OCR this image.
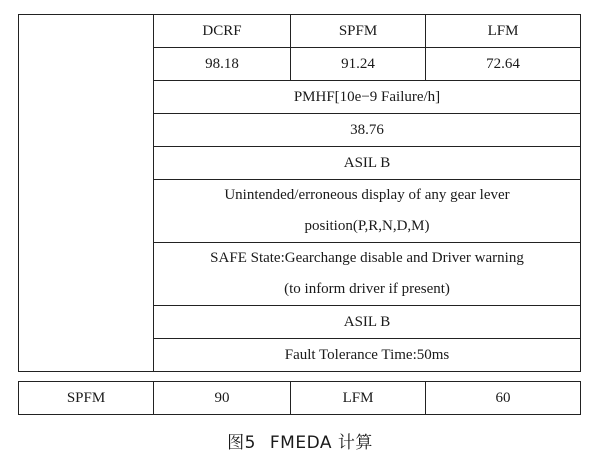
	DCRF	SPFM	LFM
	98.18	91.24	72.64
	PMHF[10e−9 Failure/h]		
	38.76		
	ASIL B		

	Unintended/erroneous display of any gear lever
position(P,R,N,D,M)		

	SAFE State:Gearchange disable and Driver warning
(to inform driver if present)		

	ASIL B		
	Fault Tolerance Time:50ms		
SPFM	90	LFM	60
图5 FMEDA 计算
